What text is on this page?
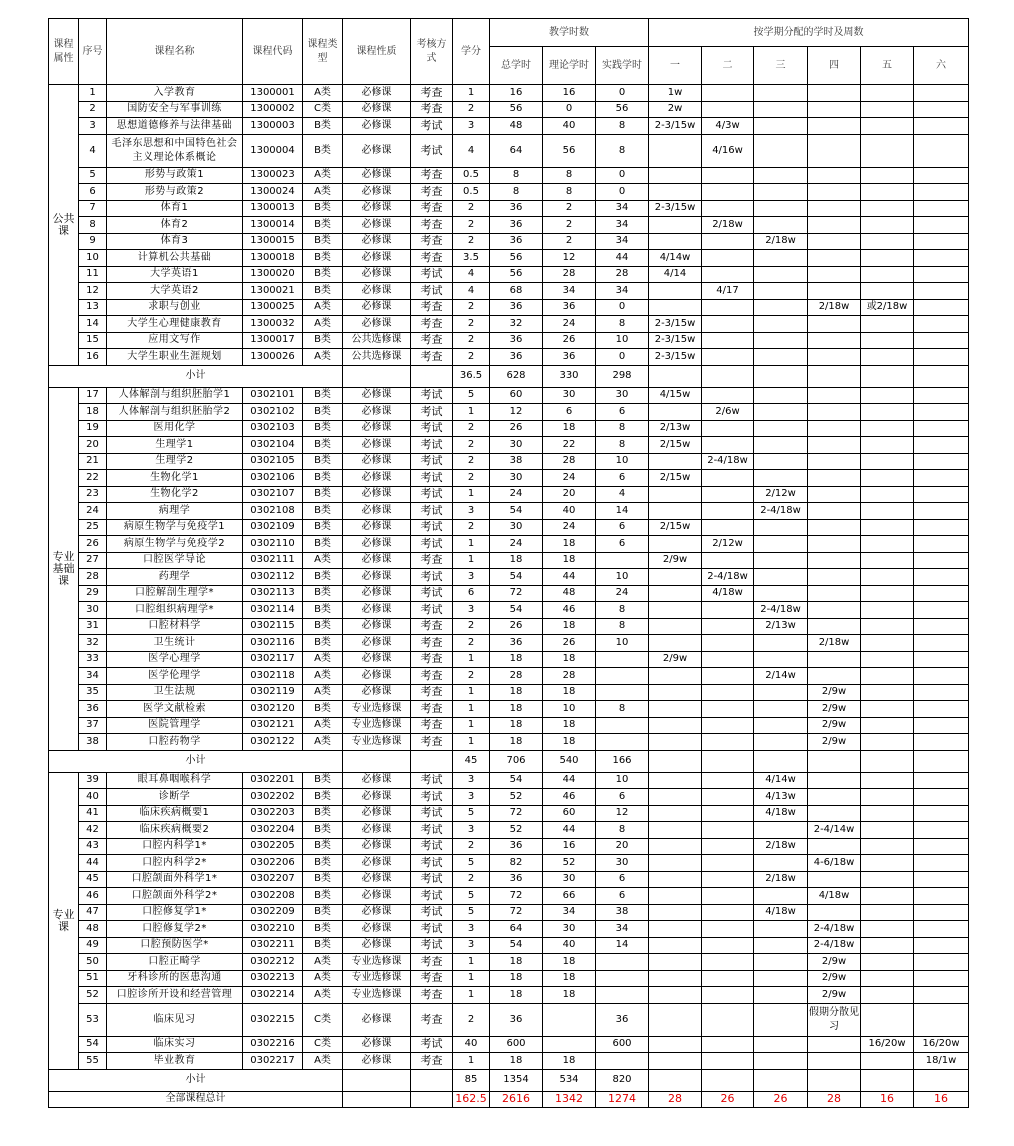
课程属性	序号	课程名称	课程代码	课程类型	课程性质	考核方式	学分	教学时数			按学期分配的学时及周数					
								总学时	理论学时	实践学时	一	二	三	四	五	六
公共课	1	入学教育	1300001	A类	必修课	考查	1	16	16	0	1w					
	2	国防安全与军事训练	1300002	C类	必修课	考查	2	56	0	56	2w					
	3	思想道德修养与法律基础	1300003	B类	必修课	考试	3	48	40	8	2-3/15w	4/3w				
	4	毛泽东思想和中国特色社会主义理论体系概论	1300004	B类	必修课	考试	4	64	56	8		4/16w				
	5	形势与政策1	1300023	A类	必修课	考查	0.5	8	8	0						
	6	形势与政策2	1300024	A类	必修课	考查	0.5	8	8	0						
	7	体育1	1300013	B类	必修课	考查	2	36	2	34	2-3/15w					
	8	体育2	1300014	B类	必修课	考查	2	36	2	34		2/18w				
	9	体育3	1300015	B类	必修课	考查	2	36	2	34			2/18w			
	10	计算机公共基础	1300018	B类	必修课	考查	3.5	56	12	44	4/14w					
	11	大学英语1	1300020	B类	必修课	考试	4	56	28	28	4/14					
	12	大学英语2	1300021	B类	必修课	考试	4	68	34	34		4/17				
	13	求职与创业	1300025	A类	必修课	考查	2	36	36	0				2/18w	或2/18w	
	14	大学生心理健康教育	1300032	A类	必修课	考查	2	32	24	8	2-3/15w					
	15	应用文写作	1300017	B类	公共选修课	考查	2	36	26	10	2-3/15w					
	16	大学生职业生涯规划	1300026	A类	公共选修课	考查	2	36	36	0	2-3/15w					
小计							36.5	628	330	298						
专业基础课	17	人体解剖与组织胚胎学1	0302101	B类	必修课	考试	5	60	30	30	4/15w					
	18	人体解剖与组织胚胎学2	0302102	B类	必修课	考试	1	12	6	6		2/6w				
	19	医用化学	0302103	B类	必修课	考试	2	26	18	8	2/13w					
	20	生理学1	0302104	B类	必修课	考试	2	30	22	8	2/15w					
	21	生理学2	0302105	B类	必修课	考试	2	38	28	10		2-4/18w				
	22	生物化学1	0302106	B类	必修课	考试	2	30	24	6	2/15w					
	23	生物化学2	0302107	B类	必修课	考试	1	24	20	4			2/12w			
	24	病理学	0302108	B类	必修课	考试	3	54	40	14			2-4/18w			
	25	病原生物学与免疫学1	0302109	B类	必修课	考试	2	30	24	6	2/15w					
	26	病原生物学与免疫学2	0302110	B类	必修课	考试	1	24	18	6		2/12w				
	27	口腔医学导论	0302111	A类	必修课	考查	1	18	18		2/9w					
	28	药理学	0302112	B类	必修课	考试	3	54	44	10		2-4/18w				
	29	口腔解剖生理学*	0302113	B类	必修课	考试	6	72	48	24		4/18w				
	30	口腔组织病理学*	0302114	B类	必修课	考试	3	54	46	8			2-4/18w			
	31	口腔材料学	0302115	B类	必修课	考查	2	26	18	8			2/13w			
	32	卫生统计	0302116	B类	必修课	考查	2	36	26	10				2/18w		
	33	医学心理学	0302117	A类	必修课	考查	1	18	18		2/9w					
	34	医学伦理学	0302118	A类	必修课	考查	2	28	28				2/14w			
	35	卫生法规	0302119	A类	必修课	考查	1	18	18					2/9w		
	36	医学文献检索	0302120	B类	专业选修课	考查	1	18	10	8				2/9w		
	37	医院管理学	0302121	A类	专业选修课	考查	1	18	18					2/9w		
	38	口腔药物学	0302122	A类	专业选修课	考查	1	18	18					2/9w		
小计							45	706	540	166						
专业课	39	眼耳鼻咽喉科学	0302201	B类	必修课	考试	3	54	44	10			4/14w			
	40	诊断学	0302202	B类	必修课	考试	3	52	46	6			4/13w			
	41	临床疾病概要1	0302203	B类	必修课	考试	5	72	60	12			4/18w			
	42	临床疾病概要2	0302204	B类	必修课	考试	3	52	44	8				2-4/14w		
	43	口腔内科学1*	0302205	B类	必修课	考试	2	36	16	20			2/18w			
	44	口腔内科学2*	0302206	B类	必修课	考试	5	82	52	30				4-6/18w		
	45	口腔颌面外科学1*	0302207	B类	必修课	考试	2	36	30	6			2/18w			
	46	口腔颌面外科学2*	0302208	B类	必修课	考试	5	72	66	6				4/18w		
	47	口腔修复学1*	0302209	B类	必修课	考试	5	72	34	38			4/18w			
	48	口腔修复学2*	0302210	B类	必修课	考试	3	64	30	34				2-4/18w		
	49	口腔预防医学*	0302211	B类	必修课	考试	3	54	40	14				2-4/18w		
	50	口腔正畸学	0302212	A类	专业选修课	考查	1	18	18					2/9w		
	51	牙科诊所的医患沟通	0302213	A类	专业选修课	考查	1	18	18					2/9w		
	52	口腔诊所开设和经营管理	0302214	A类	专业选修课	考查	1	18	18					2/9w		
	53	临床见习	0302215	C类	必修课	考查	2	36		36				假期分散见习		
	54	临床实习	0302216	C类	必修课	考试	40	600		600					16/20w	16/20w
	55	毕业教育	0302217	A类	必修课	考查	1	18	18							18/1w
小计							85	1354	534	820						
全部课程总计							162.5	2616	1342	1274	28	26	26	28	16	16
